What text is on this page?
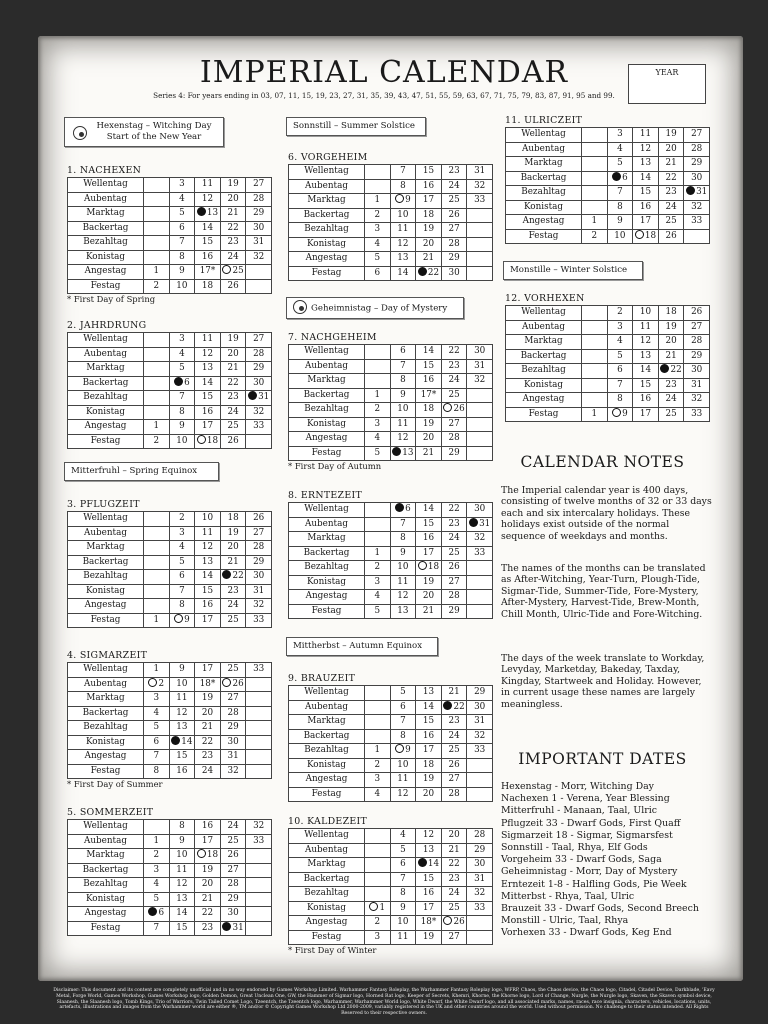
IMPERIAL CALENDAR	YEAR
Series 4: For years ending in 03, 07, 11, 15, 19, 23, 27, 31, 35, 39, 43, 47, 51, 55, 59, 63, 67, 71, 75, 79, 83, 87, 91, 95 and 99.
Hexenstag – Witching Day
Start of the New Year
Mitterfruhl – Spring Equinox
Sonnstill – Summer Solstice
Geheimnistag – Day of Mystery
Mittherbst – Autumn Equinox
Monstille – Winter Solstice
1. NACHEXEN
Wellentag		3	11	19	27
Aubentag		4	12	20	28
Marktag		5	13	21	29
Backertag		6	14	22	30
Bezahltag		7	15	23	31
Konistag		8	16	24	32
Angestag	1	9	17*	25	
Festag	2	10	18	26	
* First Day of Spring
2. JAHRDRUNG
Wellentag		3	11	19	27
Aubentag		4	12	20	28
Marktag		5	13	21	29
Backertag		6	14	22	30
Bezahltag		7	15	23	31
Konistag		8	16	24	32
Angestag	1	9	17	25	33
Festag	2	10	18	26	
3. PFLUGZEIT
Wellentag		2	10	18	26
Aubentag		3	11	19	27
Marktag		4	12	20	28
Backertag		5	13	21	29
Bezahltag		6	14	22	30
Konistag		7	15	23	31
Angestag		8	16	24	32
Festag	1	9	17	25	33
4. SIGMARZEIT
Wellentag	1	9	17	25	33
Aubentag	2	10	18*	26	
Marktag	3	11	19	27	
Backertag	4	12	20	28	
Bezahltag	5	13	21	29	
Konistag	6	14	22	30	
Angestag	7	15	23	31	
Festag	8	16	24	32	
* First Day of Summer
5. SOMMERZEIT
Wellentag		8	16	24	32
Aubentag	1	9	17	25	33
Marktag	2	10	18	26	
Backertag	3	11	19	27	
Bezahltag	4	12	20	28	
Konistag	5	13	21	29	
Angestag	6	14	22	30	
Festag	7	15	23	31	
6. VORGEHEIM
Wellentag		7	15	23	31
Aubentag		8	16	24	32
Marktag	1	9	17	25	33
Backertag	2	10	18	26	
Bezahltag	3	11	19	27	
Konistag	4	12	20	28	
Angestag	5	13	21	29	
Festag	6	14	22	30	
7. NACHGEHEIM
Wellentag		6	14	22	30
Aubentag		7	15	23	31
Marktag		8	16	24	32
Backertag	1	9	17*	25	
Bezahltag	2	10	18	26	
Konistag	3	11	19	27	
Angestag	4	12	20	28	
Festag	5	13	21	29	
* First Day of Autumn
8. ERNTEZEIT
Wellentag		6	14	22	30
Aubentag		7	15	23	31
Marktag		8	16	24	32
Backertag	1	9	17	25	33
Bezahltag	2	10	18	26	
Konistag	3	11	19	27	
Angestag	4	12	20	28	
Festag	5	13	21	29	
9. BRAUZEIT
Wellentag		5	13	21	29
Aubentag		6	14	22	30
Marktag		7	15	23	31
Backertag		8	16	24	32
Bezahltag	1	9	17	25	33
Konistag	2	10	18	26	
Angestag	3	11	19	27	
Festag	4	12	20	28	
10. KALDEZEIT
Wellentag		4	12	20	28
Aubentag		5	13	21	29
Marktag		6	14	22	30
Backertag		7	15	23	31
Bezahltag		8	16	24	32
Konistag	1	9	17	25	33
Angestag	2	10	18*	26	
Festag	3	11	19	27	
* First Day of Winter
11. ULRICZEIT
Wellentag		3	11	19	27
Aubentag		4	12	20	28
Marktag		5	13	21	29
Backertag		6	14	22	30
Bezahltag		7	15	23	31
Konistag		8	16	24	32
Angestag	1	9	17	25	33
Festag	2	10	18	26	
12. VORHEXEN
Wellentag		2	10	18	26
Aubentag		3	11	19	27
Marktag		4	12	20	28
Backertag		5	13	21	29
Bezahltag		6	14	22	30
Konistag		7	15	23	31
Angestag		8	16	24	32
Festag	1	9	17	25	33
CALENDAR NOTES
The Imperial calendar year is 400 days, consisting of twelve months of 32 or 33 days each and six intercalary holidays. These holidays exist outside of the normal sequence of weekdays and months.
The names of the months can be translated as After-Witching, Year-Turn, Plough-Tide, Sigmar-Tide, Summer-Tide, Fore-Mystery, After-Mystery, Harvest-Tide, Brew-Month, Chill Month, Ulric-Tide and Fore-Witching.
The days of the week translate to Workday, Levyday, Marketday, Bakeday, Taxday, Kingday, Startweek and Holiday. However, in current usage these names are largely meaningless.
IMPORTANT DATES
Hexenstag - Morr, Witching Day
Nachexen 1 - Verena, Year Blessing
Mitterfruhl - Manaan, Taal, Ulric
Pflugzeit 33 - Dwarf Gods, First Quaff
Sigmarzeit 18 - Sigmar, Sigmarsfest
Sonnstill - Taal, Rhya, Elf Gods
Vorgeheim 33 - Dwarf Gods, Saga
Geheimnistag - Morr, Day of Mystery
Erntezeit 1-8 - Halfling Gods, Pie Week
Mitterbst - Rhya, Taal, Ulric
Brauzeit 33 - Dwarf Gods, Second Breech
Monstill - Ulric, Taal, Rhya
Vorhexen 33 - Dwarf Gods, Keg End
Disclaimer: This document and its content are completely unofficial and in no way endorsed by Games Workshop Limited. Warhammer Fantasy Roleplay, the Warhammer Fantasy Roleplay logo, WFRP, Chaos, the Chaos device, the Chaos logo, Citadel, Citadel Device, Darkblade, 'Eavy Metal, Forge World, Games Workshop, Games Workshop logo, Golden Demon, Great Unclean One, GW, the Hammer of Sigmar logo, Horned Rat logo, Keeper of Secrets, Khemri, Khorne, the Khorne logo, Lord of Change, Nurgle, the Nurgle logo, Skaven, the Skaven symbol device, Slaanesh, the Slaanesh logo, Tomb Kings, Trio of Warriors, Twin Tailed Comet Logo, Tzeentch, the Tzeentch logo, Warhammer, Warhammer World logo, White Dwarf, the White Dwarf logo, and all associated marks, names, races, race insignia, characters, vehicles, locations, units, artefacts, illustrations and images from the Warhammer world are either ®, TM and/or © Copyright Games Workshop Ltd 2000-2009, variably registered in the UK and other countries around the world. Used without permission. No challenge to their status intended. All Rights Reserved to their respective owners.
